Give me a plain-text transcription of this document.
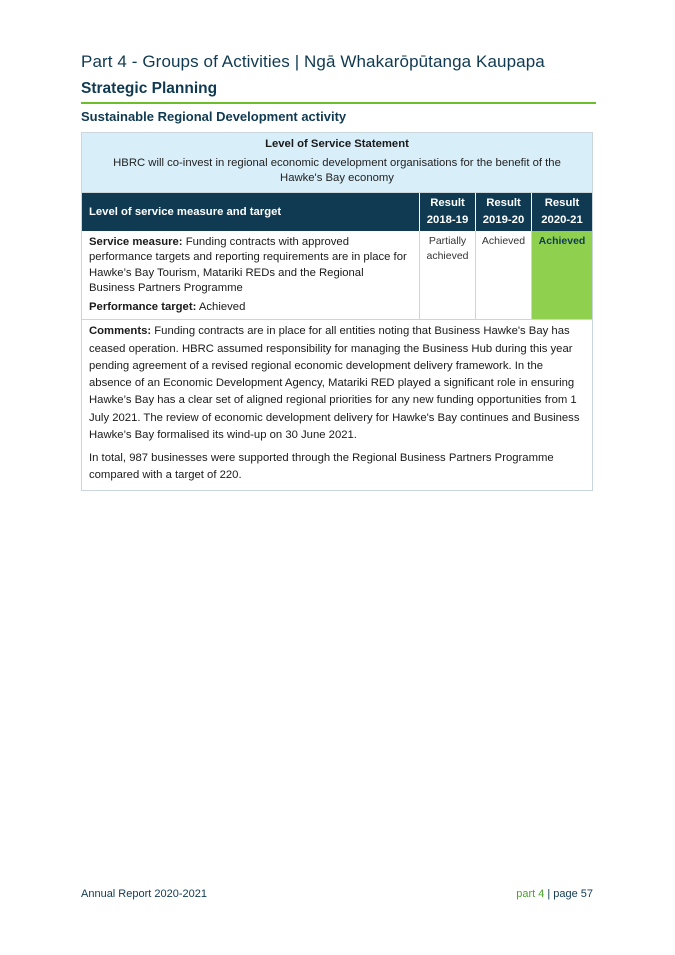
Part 4 - Groups of Activities | Ngā Whakarōpūtanga Kaupapa
Strategic Planning
Sustainable Regional Development activity
Level of Service Statement
HBRC will co-invest in regional economic development organisations for the benefit of the Hawke's Bay economy
Level of service measure and target
Result
2018-19
Result
2019-20
Result
2020-21
Service measure: Funding contracts with approved performance targets and reporting requirements are in place for Hawke’s Bay Tourism, Matariki REDs and the Regional Business Partners Programme
Performance target: Achieved
Partially achieved
Achieved	Achieved

Comments: Funding contracts are in place for all entities noting that Business Hawke's Bay has ceased operation. HBRC assumed responsibility for managing the Business Hub during this year pending agreement of a revised regional economic development delivery framework. In the absence of an Economic Development Agency, Matariki RED played a significant role in ensuring Hawke’s Bay has a clear set of aligned regional priorities for any new funding opportunities from 1 July 2021. The review of economic development delivery for Hawke's Bay continues and Business Hawke’s Bay formalised its wind-up on 30 June 2021.

In total, 987 businesses were supported through the Regional Business Partners Programme compared with a target of 220.

Annual Report 2020-2021	part 4 | page 57
